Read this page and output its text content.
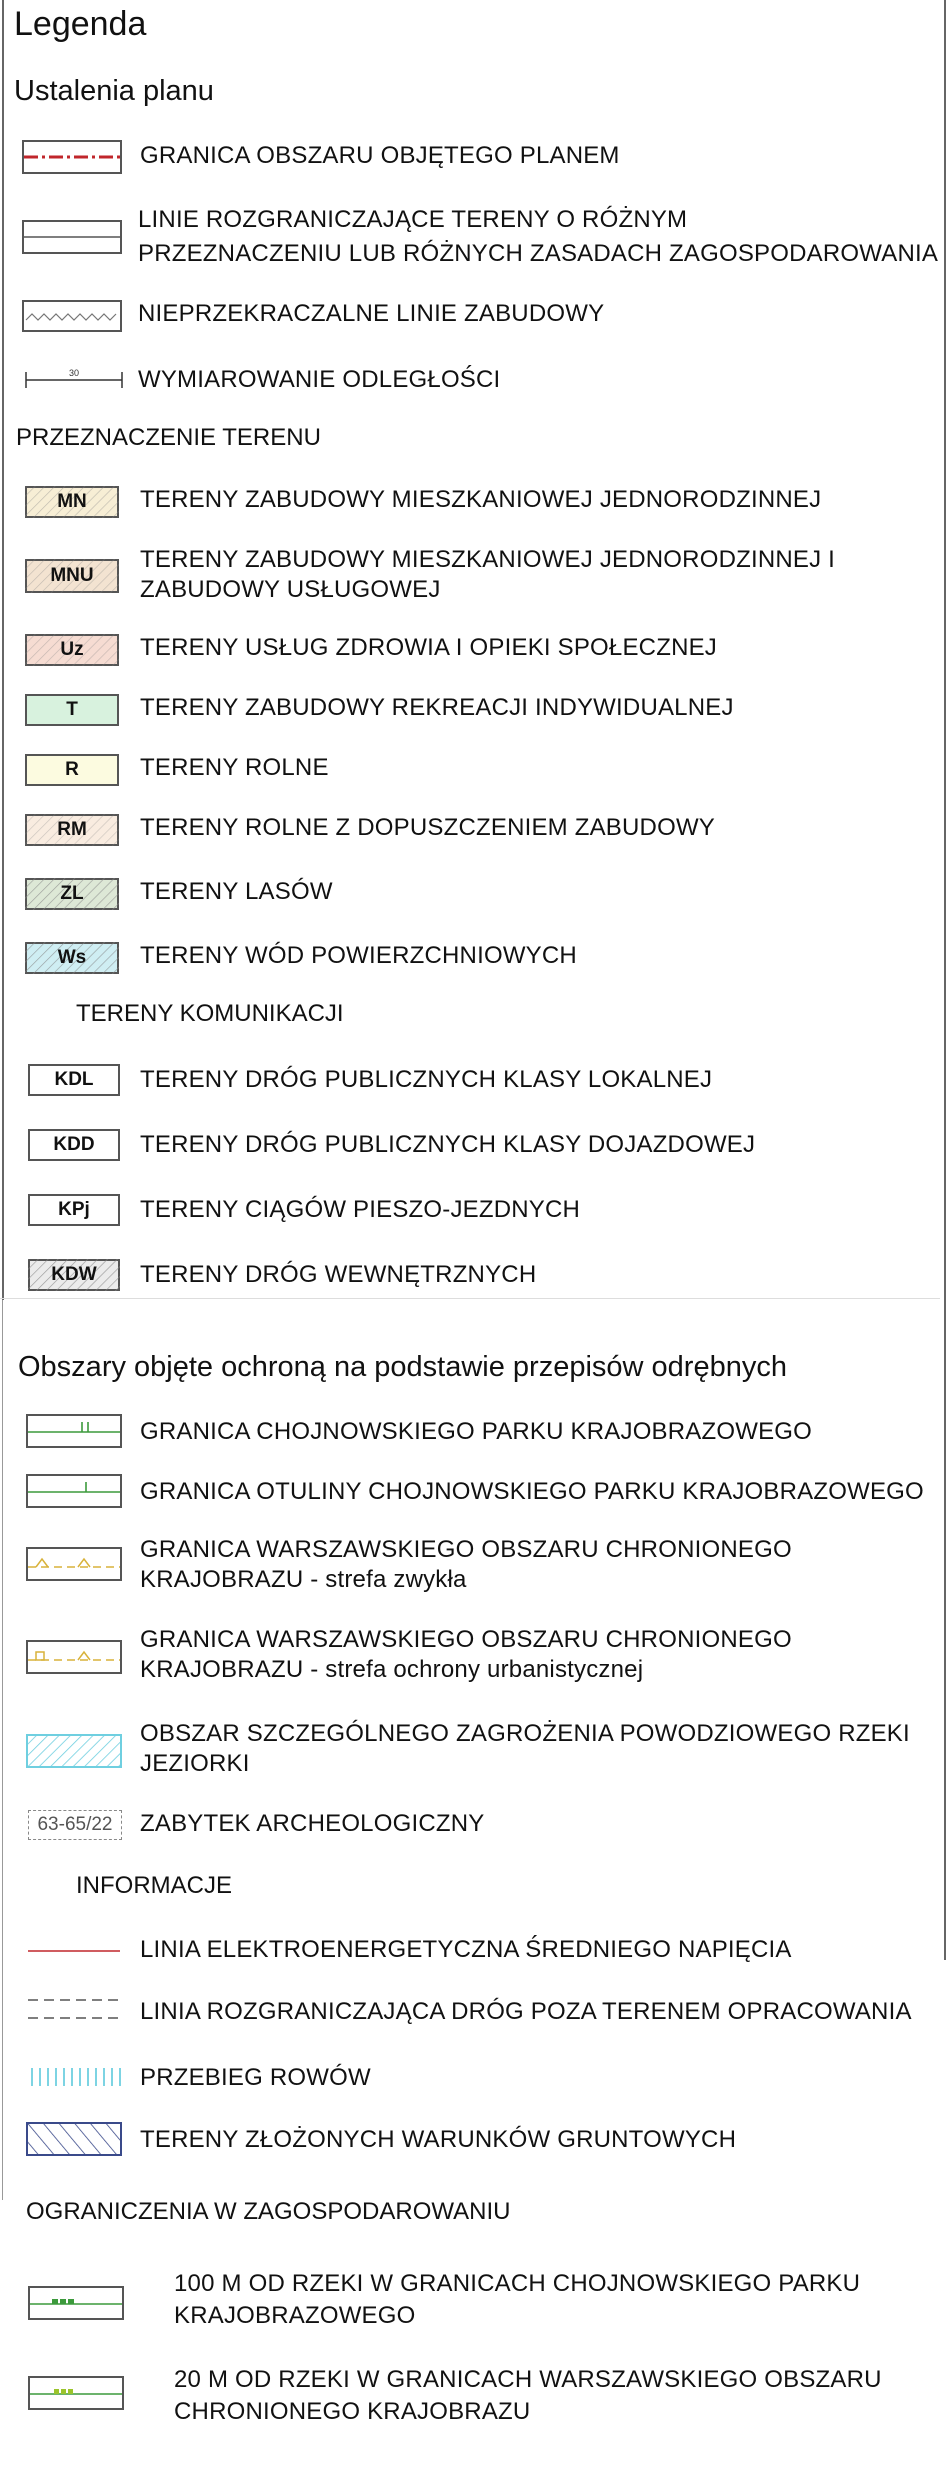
Legenda
Ustalenia planu
GRANICA OBSZARU OBJĘTEGO PLANEM
LINIE ROZGRANICZAJĄCE TERENY O RÓŻNYM
PRZEZNACZENIU LUB RÓŻNYCH ZASADACH ZAGOSPODAROWANIA
NIEPRZEKRACZALNE LINIE ZABUDOWY
30 WYMIAROWANIE ODLEGŁOŚCI
PRZEZNACZENIE TERENU
MN TERENY ZABUDOWY MIESZKANIOWEJ JEDNORODZINNEJ
MNU
TERENY ZABUDOWY MIESZKANIOWEJ JEDNORODZINNEJ I
ZABUDOWY USŁUGOWEJ
Uz TERENY USŁUG ZDROWIA I OPIEKI SPOŁECZNEJ
T	TERENY ZABUDOWY REKREACJI INDYWIDUALNEJ
R	TERENY ROLNE
RM TERENY ROLNE Z DOPUSZCZENIEM ZABUDOWY
ZL TERENY LASÓW
Ws TERENY WÓD POWIERZCHNIOWYCH
TERENY KOMUNIKACJI
KDL TERENY DRÓG PUBLICZNYCH KLASY LOKALNEJ
KDD TERENY DRÓG PUBLICZNYCH KLASY DOJAZDOWEJ
KPj TERENY CIĄGÓW PIESZO-JEZDNYCH
KDW TERENY DRÓG WEWNĘTRZNYCH
Obszary objęte ochroną na podstawie przepisów odrębnych
GRANICA CHOJNOWSKIEGO PARKU KRAJOBRAZOWEGO
GRANICA OTULINY CHOJNOWSKIEGO PARKU KRAJOBRAZOWEGO
GRANICA WARSZAWSKIEGO OBSZARU CHRONIONEGO
KRAJOBRAZU - strefa zwykła
GRANICA WARSZAWSKIEGO OBSZARU CHRONIONEGO
KRAJOBRAZU - strefa ochrony urbanistycznej
OBSZAR SZCZEGÓLNEGO ZAGROŻENIA POWODZIOWEGO RZEKI
JEZIORKI
63-65/22	ZABYTEK ARCHEOLOGICZNY
INFORMACJE
LINIA ELEKTROENERGETYCZNA ŚREDNIEGO NAPIĘCIA
LINIA ROZGRANICZAJĄCA DRÓG POZA TERENEM OPRACOWANIA
PRZEBIEG ROWÓW
TERENY ZŁOŻONYCH WARUNKÓW GRUNTOWYCH
OGRANICZENIA W ZAGOSPODAROWANIU
100 M OD RZEKI W GRANICACH CHOJNOWSKIEGO PARKU
KRAJOBRAZOWEGO
20 M OD RZEKI W GRANICACH WARSZAWSKIEGO OBSZARU
CHRONIONEGO KRAJOBRAZU
